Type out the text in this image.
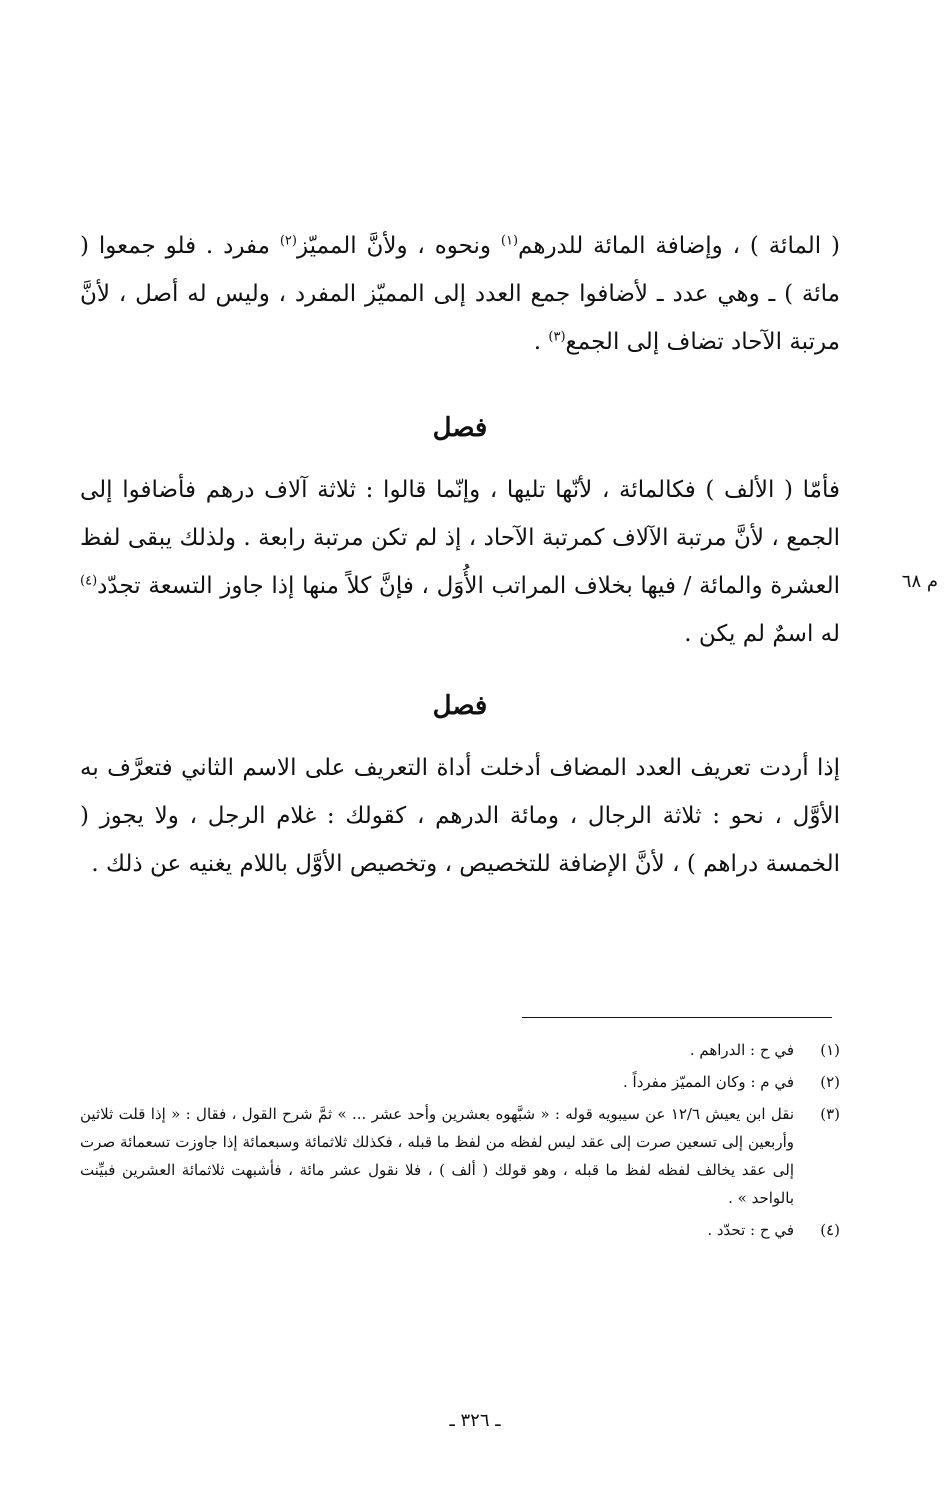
( المائة ) ، وإضافة المائة للدرهم$^{(١)}$ ونحوه ، ولأنَّ المميّز$^{(٢)}$ مفرد . فلو جمعوا ( مائة ) ـ وهي عدد ـ لأضافوا جمع العدد إلى المميّز المفرد ، وليس له أصل ، لأنَّ مرتبة الآحاد تضاف إلى الجمع$^{(٣)}$ .

فصل

فأمّا ( الألف ) فكالمائة ، لأنّها تليها ، وإنّما قالوا : ثلاثة آلاف درهم فأضافوا إلى الجمع ، لأنَّ مرتبة الآلاف كمرتبة الآحاد ، إذ لم تكن مرتبة رابعة . ولذلك يبقى لفظ العشرة والمائة / فيها بخلاف المراتب الأُوَل ، فإنَّ كلاً منها إذا جاوز التسعة تجدّد$^{(٤)}$ له اسمٌ لم يكن .

م ٦٨
فصل

إذا أردت تعريف العدد المضاف أدخلت أداة التعريف على الاسم الثاني فتعرَّف به الأوَّل ، نحو : ثلاثة الرجال ، ومائة الدرهم ، كقولك : غلام الرجل ، ولا يجوز ( الخمسة دراهم ) ، لأنَّ الإضافة للتخصيص ، وتخصيص الأوَّل باللام يغنيه عن ذلك .

(١)
في ح : الدراهم .
(٢)
في م : وكان المميّز مفرداً .
(٣)
نقل ابن يعيش ١٢/٦ عن سيبويه قوله : « شبَّهوه بعشرين وأحد عشر ... » ثمَّ شرح القول ، فقال : « إذا قلت ثلاثين وأربعين إلى تسعين صرت إلى عقد ليس لفظه من لفظ ما قبله ، فكذلك ثلاثمائة وسبعمائة إذا جاوزت تسعمائة صرت إلى عقد يخالف لفظه لفظ ما قبله ، وهو قولك ( ألف ) ، فلا نقول عشر مائة ، فأشبهت ثلاثمائة العشرين فبيِّنت بالواحد » .
(٤)
في ح : تحدّد .
ـ ٣٢٦ ـ
